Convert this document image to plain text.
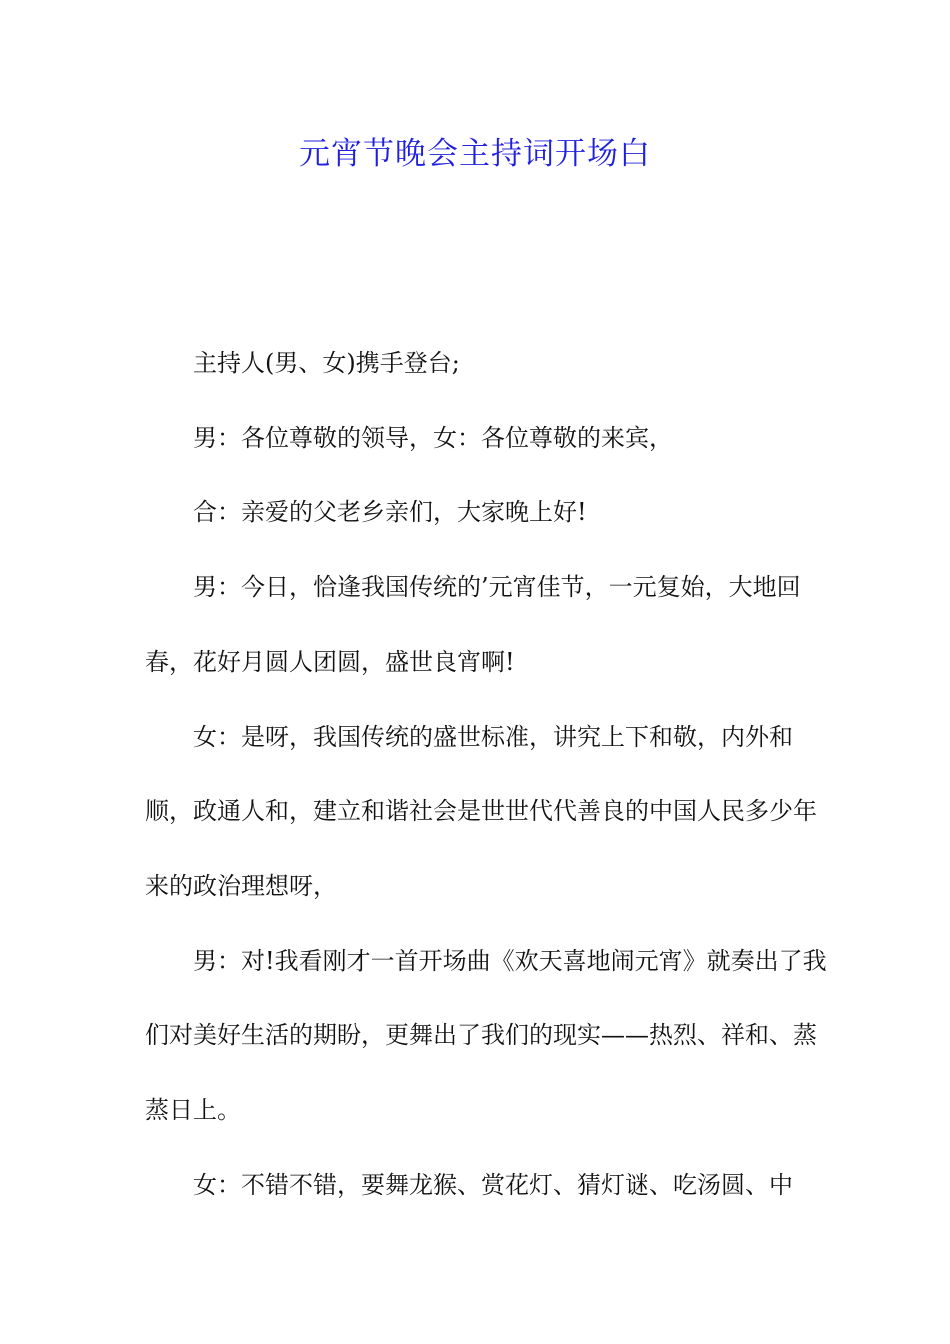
元宵节晚会主持词开场白

主持人(男、女)携手登台;

男：各位尊敬的领导，女：各位尊敬的来宾，

合：亲爱的父老乡亲们，大家晚上好!

男：今日，恰逢我国传统的’元宵佳节，一元复始，大地回春，花好月圆人团圆，盛世良宵啊!

女：是呀，我国传统的盛世标准，讲究上下和敬，内外和顺，政通人和，建立和谐社会是世世代代善良的中国人民多少年来的政治理想呀，

男：对!我看刚才一首开场曲《欢天喜地闹元宵》就奏出了我们对美好生活的期盼，更舞出了我们的现实——热烈、祥和、蒸蒸日上。

女：不错不错，要舞龙猴、赏花灯、猜灯谜、吃汤圆、中
